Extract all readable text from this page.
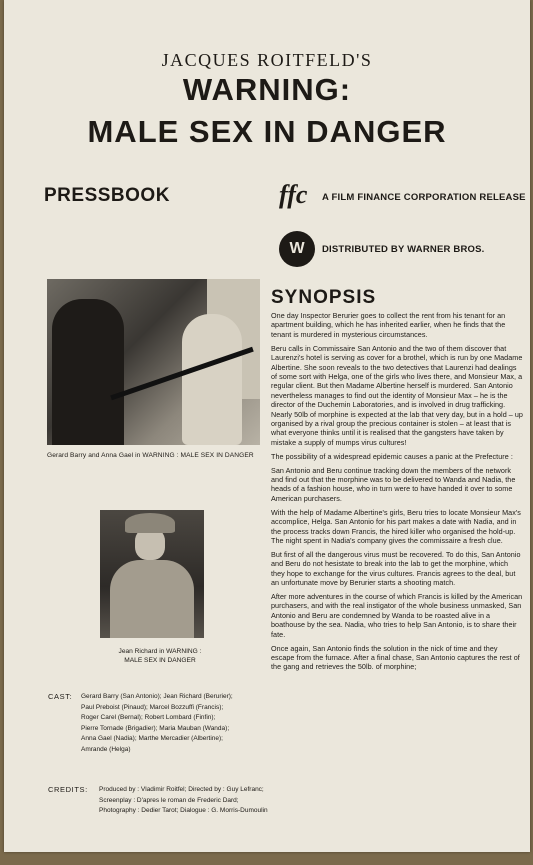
JACQUES ROITFELD'S
WARNING:
MALE SEX IN DANGER
PRESSBOOK	ffc	A FILM FINANCE CORPORATION RELEASE
W	DISTRIBUTED BY WARNER BROS.
Gerard Barry and Anna Gael in WARNING : MALE SEX IN DANGER
Jean Richard in WARNING :
MALE SEX IN DANGER
CAST: Gerard Barry (San Antonio); Jean Richard (Berurier);
Paul Preboist (Pinaud); Marcel Bozzuffi (Francis);
Roger Carel (Bernal); Robert Lombard (Finfin);
Pierre Tornade (Brigadier); Maria Mauban (Wanda);
Anna Gael (Nadia); Marthe Mercadier (Albertine);
Amrande (Helga)
CREDITS: Produced by : Vladimir Roitfel; Directed by : Guy Lefranc;
Screenplay : D'apres le roman de Frederic Dard;
Photography : Dedier Tarot; Dialogue : G. Morris-Dumoulin
SYNOPSIS

One day Inspector Berurier goes to collect the rent from his tenant for an apartment building, which he has inherited earlier, when he finds that the tenant is murdered in mysterious circumstances.

Beru calls in Commissaire San Antonio and the two of them discover that Laurenzi's hotel is serving as cover for a brothel, which is run by one Madame Albertine. She soon reveals to the two detectives that Laurenzi had dealings of some sort with Helga, one of the girls who lives there, and Monsieur Max, a regular client. But then Madame Albertine herself is murdered. San Antonio nevertheless manages to find out the identity of Monsieur Max – he is the director of the Duchemin Laboratories, and is involved in drug trafficking. Nearly 50lb of morphine is expected at the lab that very day, but in a hold – up organised by a rival group the precious container is stolen – at least that is what everyone thinks until it is realised that the gangsters have taken by mistake a supply of mumps virus cultures!

The possibility of a widespread epidemic causes a panic at the Prefecture :

San Antonio and Beru continue tracking down the members of the network and find out that the morphine was to be delivered to Wanda and Nadia, the heads of a fashion house, who in turn were to have handed it over to some American purchasers.

With the help of Madame Albertine's girls, Beru tries to locate Monsieur Max's accomplice, Helga. San Antonio for his part makes a date with Nadia, and in the process tracks down Francis, the hired killer who organised the hold-up. The night spent in Nadia's company gives the commissaire a fresh clue.

But first of all the dangerous virus must be recovered. To do this, San Antonio and Beru do not hesistate to break into the lab to get the morphine, which they hope to exchange for the virus cultures. Francis agrees to the deal, but an unfortunate move by Berurier starts a shooting match.

After more adventures in the course of which Francis is killed by the American purchasers, and with the real instigator of the whole business unmasked, San Antonio and Beru are condemned by Wanda to be roasted alive in a boathouse by the sea. Nadia, who tries to help San Antonio, is to share their fate.

Once again, San Antonio finds the solution in the nick of time and they escape from the furnace. After a final chase, San Antonio captures the rest of the gang and retrieves the 50lb. of morphine;
